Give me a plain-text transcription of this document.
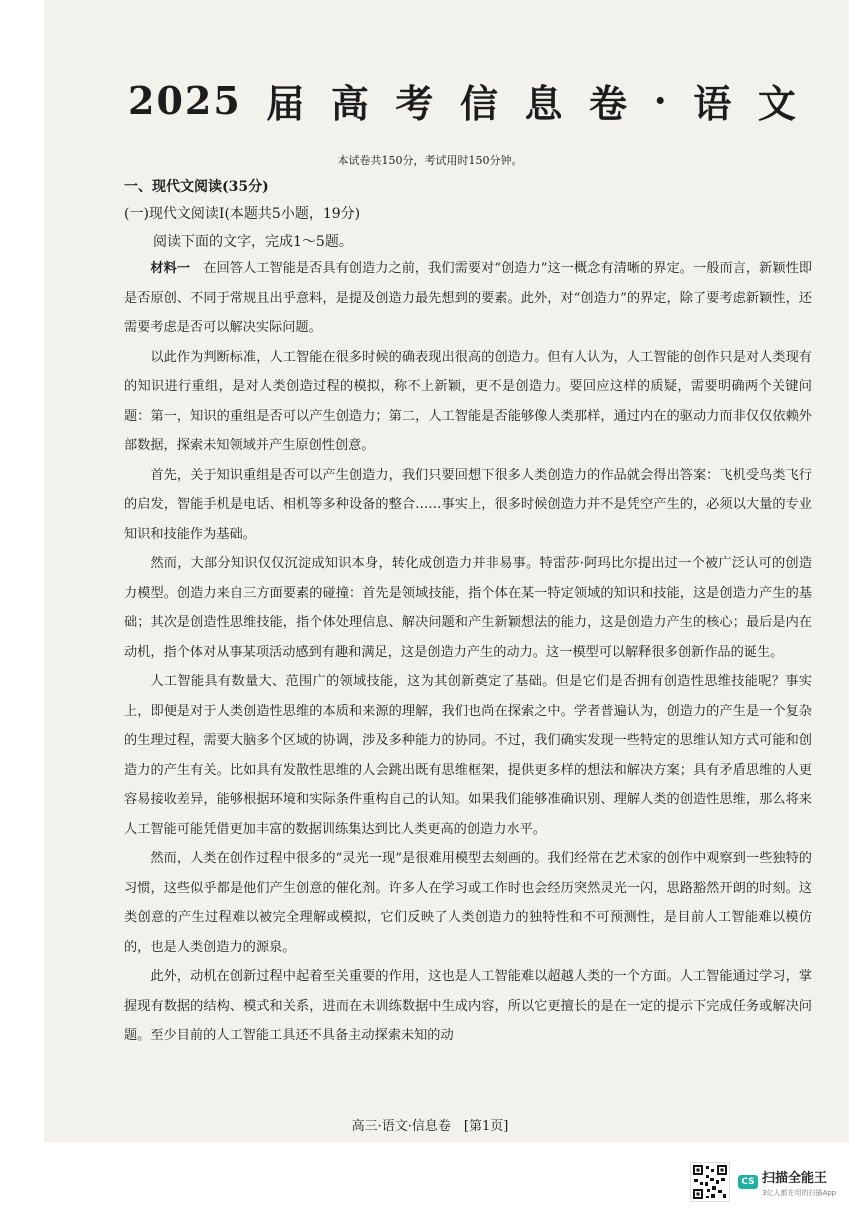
2025 届 高 考 信 息 卷 · 语 文
本试卷共150分，考试用时150分钟。
一、现代文阅读(35分)
(一)现代文阅读Ⅰ(本题共5小题，19分)
阅读下面的文字，完成1～5题。

材料一　 在回答人工智能是否具有创造力之前，我们需要对“创造力”这一概念有清晰的界定。一般而言，新颖性即是否原创、不同于常规且出乎意料，是提及创造力最先想到的要素。此外，对“创造力”的界定，除了要考虑新颖性，还需要考虑是否可以解决实际问题。

以此作为判断标准，人工智能在很多时候的确表现出很高的创造力。但有人认为，人工智能的创作只是对人类现有的知识进行重组，是对人类创造过程的模拟，称不上新颖，更不是创造力。要回应这样的质疑，需要明确两个关键问题：第一，知识的重组是否可以产生创造力；第二，人工智能是否能够像人类那样，通过内在的驱动力而非仅仅依赖外部数据，探索未知领域并产生原创性创意。

首先，关于知识重组是否可以产生创造力，我们只要回想下很多人类创造力的作品就会得出答案：飞机受鸟类飞行的启发，智能手机是电话、相机等多种设备的整合……事实上，很多时候创造力并不是凭空产生的，必须以大量的专业知识和技能作为基础。

然而，大部分知识仅仅沉淀成知识本身，转化成创造力并非易事。特雷莎·阿玛比尔提出过一个被广泛认可的创造力模型。创造力来自三方面要素的碰撞：首先是领域技能，指个体在某一特定领域的知识和技能，这是创造力产生的基础；其次是创造性思维技能，指个体处理信息、解决问题和产生新颖想法的能力，这是创造力产生的核心；最后是内在动机，指个体对从事某项活动感到有趣和满足，这是创造力产生的动力。这一模型可以解释很多创新作品的诞生。

人工智能具有数量大、范围广的领域技能，这为其创新奠定了基础。但是它们是否拥有创造性思维技能呢？事实上，即便是对于人类创造性思维的本质和来源的理解，我们也尚在探索之中。学者普遍认为，创造力的产生是一个复杂的生理过程，需要大脑多个区域的协调，涉及多种能力的协同。不过，我们确实发现一些特定的思维认知方式可能和创造力的产生有关。比如具有发散性思维的人会跳出既有思维框架，提供更多样的想法和解决方案；具有矛盾思维的人更容易接收差异，能够根据环境和实际条件重构自己的认知。如果我们能够准确识别、理解人类的创造性思维，那么将来人工智能可能凭借更加丰富的数据训练集达到比人类更高的创造力水平。

然而，人类在创作过程中很多的“灵光一现”是很难用模型去刻画的。我们经常在艺术家的创作中观察到一些独特的习惯，这些似乎都是他们产生创意的催化剂。许多人在学习或工作时也会经历突然灵光一闪，思路豁然开朗的时刻。这类创意的产生过程难以被完全理解或模拟，它们反映了人类创造力的独特性和不可预测性，是目前人工智能难以模仿的，也是人类创造力的源泉。

此外，动机在创新过程中起着至关重要的作用，这也是人工智能难以超越人类的一个方面。人工智能通过学习，掌握现有数据的结构、模式和关系，进而在未训练数据中生成内容，所以它更擅长的是在一定的提示下完成任务或解决问题。至少目前的人工智能工具还不具备主动探索未知的动

高三·语文·信息卷　[第1页]
CS 扫描全能王
3亿人都在用的扫描App
